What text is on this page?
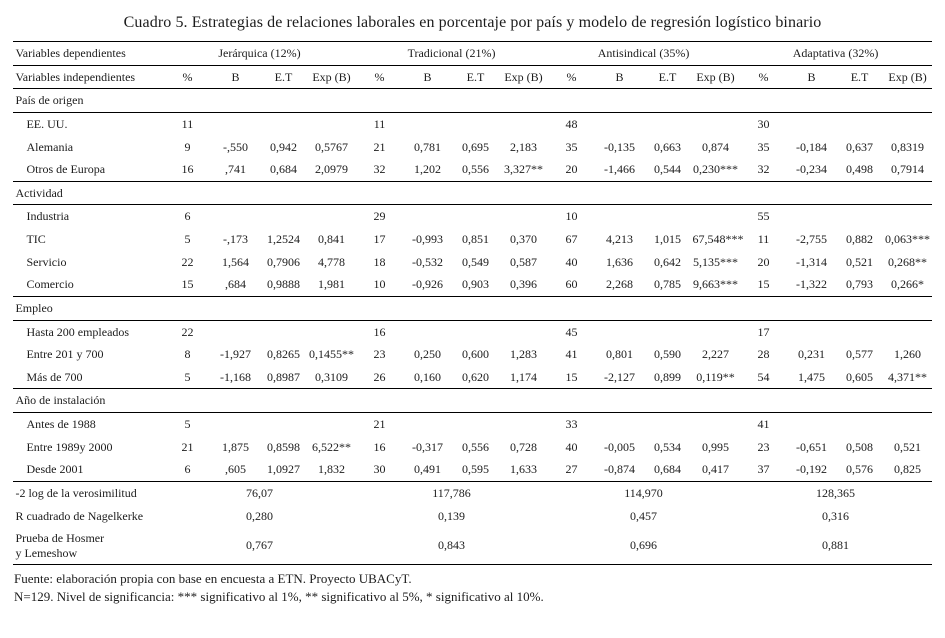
Cuadro 5. Estrategias de relaciones laborales en porcentaje por país y modelo de regresión logístico binario
Variables dependientes	Jerárquica (12%)				Tradicional (21%)				Antisindical (35%)				Adaptativa (32%)			
Variables independientes	%	B	E.T	Exp (B)	%	B	E.T	Exp (B)	%	B	E.T	Exp (B)	%	B	E.T	Exp (B)
País de origen																
EE. UU.	11				11				48				30			
Alemania	9	-,550	0,942	0,5767	21	0,781	0,695	2,183	35	-0,135	0,663	0,874	35	-0,184	0,637	0,8319
Otros de Europa	16	,741	0,684	2,0979	32	1,202	0,556	3,327**	20	-1,466	0,544	0,230***	32	-0,234	0,498	0,7914
Actividad																
Industria	6				29				10				55			
TIC	5	-,173	1,2524	0,841	17	-0,993	0,851	0,370	67	4,213	1,015	67,548***	11	-2,755	0,882	0,063***
Servicio	22	1,564	0,7906	4,778	18	-0,532	0,549	0,587	40	1,636	0,642	5,135***	20	-1,314	0,521	0,268**
Comercio	15	,684	0,9888	1,981	10	-0,926	0,903	0,396	60	2,268	0,785	9,663***	15	-1,322	0,793	0,266*
Empleo																
Hasta 200 empleados	22				16				45				17			
Entre 201 y 700	8	-1,927	0,8265	0,1455**	23	0,250	0,600	1,283	41	0,801	0,590	2,227	28	0,231	0,577	1,260
Más de 700	5	-1,168	0,8987	0,3109	26	0,160	0,620	1,174	15	-2,127	0,899	0,119**	54	1,475	0,605	4,371**
Año de instalación																
Antes de 1988	5				21				33				41			
Entre 1989y 2000	21	1,875	0,8598	6,522**	16	-0,317	0,556	0,728	40	-0,005	0,534	0,995	23	-0,651	0,508	0,521
Desde 2001	6	,605	1,0927	1,832	30	0,491	0,595	1,633	27	-0,874	0,684	0,417	37	-0,192	0,576	0,825
-2 log de la verosimilitud	76,07				117,786				114,970				128,365			
R cuadrado de Nagelkerke	0,280				0,139				0,457				0,316			
Prueba de Hosmer
y Lemeshow	0,767				0,843				0,696				0,881			

Fuente: elaboración propia con base en encuesta a ETN. Proyecto UBACyT.

N=129. Nivel de significancia: *** significativo al 1%, ** significativo al 5%, * significativo al 10%.
